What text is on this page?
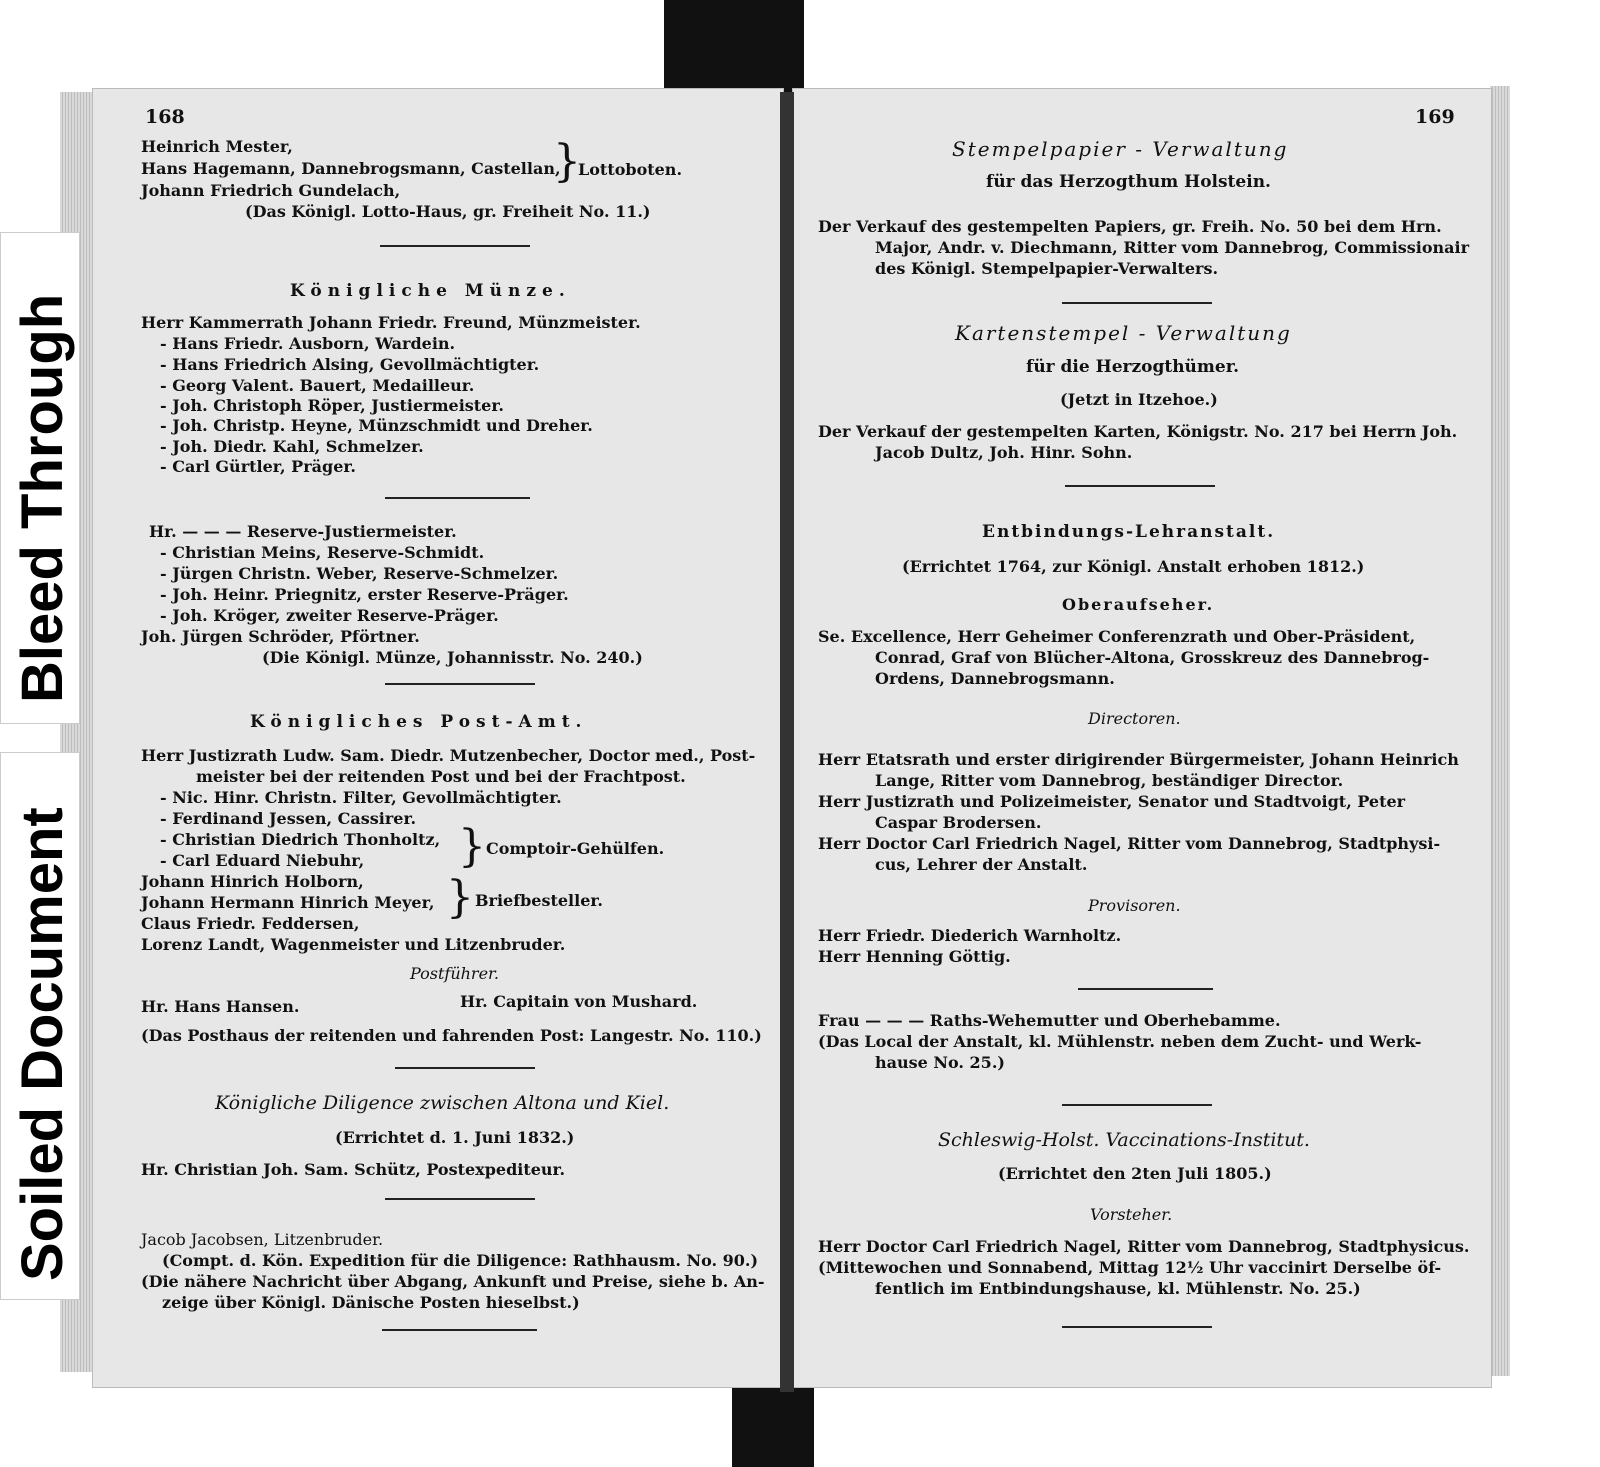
Bleed Through
Soiled Document
168
Heinrich Mester,
Hans Hagemann, Dannebrogsmann, Castellan,
Johann Friedrich Gundelach,
}
Lottoboten.
(Das Königl. Lotto-Haus, gr. Freiheit No. 11.)
Königliche Münze.
Herr Kammerrath Johann Friedr. Freund, Münzmeister.
- Hans Friedr. Ausborn, Wardein.
- Hans Friedrich Alsing, Gevollmächtigter.
- Georg Valent. Bauert, Medailleur.
- Joh. Christoph Röper, Justiermeister.
- Joh. Christp. Heyne, Münzschmidt und Dreher.
- Joh. Diedr. Kahl, Schmelzer.
- Carl Gürtler, Präger.
Hr. — — — Reserve-Justiermeister.
- Christian Meins, Reserve-Schmidt.
- Jürgen Christn. Weber, Reserve-Schmelzer.
- Joh. Heinr. Priegnitz, erster Reserve-Präger.
- Joh. Kröger, zweiter Reserve-Präger.
Joh. Jürgen Schröder, Pförtner.
(Die Königl. Münze, Johannisstr. No. 240.)
Königliches Post-Amt.
Herr Justizrath Ludw. Sam. Diedr. Mutzenbecher, Doctor med., Post-
meister bei der reitenden Post und bei der Frachtpost.
- Nic. Hinr. Christn. Filter, Gevollmächtigter.
- Ferdinand Jessen, Cassirer.
- Christian Diedrich Thonholtz,
- Carl Eduard Niebuhr, } Comptoir-Gehülfen.
Johann Hinrich Holborn,
Johann Hermann Hinrich Meyer,
Claus Friedr. Feddersen,
} Briefbesteller.
Lorenz Landt, Wagenmeister und Litzenbruder.
Postführer.
Hr. Hans Hansen.	Hr. Capitain von Mushard.
(Das Posthaus der reitenden und fahrenden Post: Langestr. No. 110.)
Königliche Diligence zwischen Altona und Kiel.
(Errichtet d. 1. Juni 1832.)
Hr. Christian Joh. Sam. Schütz, Postexpediteur.
Jacob Jacobsen, Litzenbruder.
(Compt. d. Kön. Expedition für die Diligence: Rathhausm. No. 90.)
(Die nähere Nachricht über Abgang, Ankunft und Preise, siehe b. An-
zeige über Königl. Dänische Posten hieselbst.)
169
Stempelpapier - Verwaltung
für das Herzogthum Holstein.
Der Verkauf des gestempelten Papiers, gr. Freih. No. 50 bei dem Hrn.
Major, Andr. v. Diechmann, Ritter vom Dannebrog, Commissionair
des Königl. Stempelpapier-Verwalters.
Kartenstempel - Verwaltung
für die Herzogthümer.
(Jetzt in Itzehoe.)
Der Verkauf der gestempelten Karten, Königstr. No. 217 bei Herrn Joh.
Jacob Dultz, Joh. Hinr. Sohn.
Entbindungs-Lehranstalt.
(Errichtet 1764, zur Königl. Anstalt erhoben 1812.)
Oberaufseher.
Se. Excellence, Herr Geheimer Conferenzrath und Ober-Präsident,
Conrad, Graf von Blücher-Altona, Grosskreuz des Dannebrog-
Ordens, Dannebrogsmann.
Directoren.
Herr Etatsrath und erster dirigirender Bürgermeister, Johann Heinrich
Lange, Ritter vom Dannebrog, beständiger Director.
Herr Justizrath und Polizeimeister, Senator und Stadtvoigt, Peter
Caspar Brodersen.
Herr Doctor Carl Friedrich Nagel, Ritter vom Dannebrog, Stadtphysi-
cus, Lehrer der Anstalt.
Provisoren.
Herr Friedr. Diederich Warnholtz.
Herr Henning Göttig.
Frau — — — Raths-Wehemutter und Oberhebamme.
(Das Local der Anstalt, kl. Mühlenstr. neben dem Zucht- und Werk-
hause No. 25.)
Schleswig-Holst. Vaccinations-Institut.
(Errichtet den 2ten Juli 1805.)
Vorsteher.
Herr Doctor Carl Friedrich Nagel, Ritter vom Dannebrog, Stadtphysicus.
(Mittewochen und Sonnabend, Mittag 12½ Uhr vaccinirt Derselbe öf-
fentlich im Entbindungshause, kl. Mühlenstr. No. 25.)
